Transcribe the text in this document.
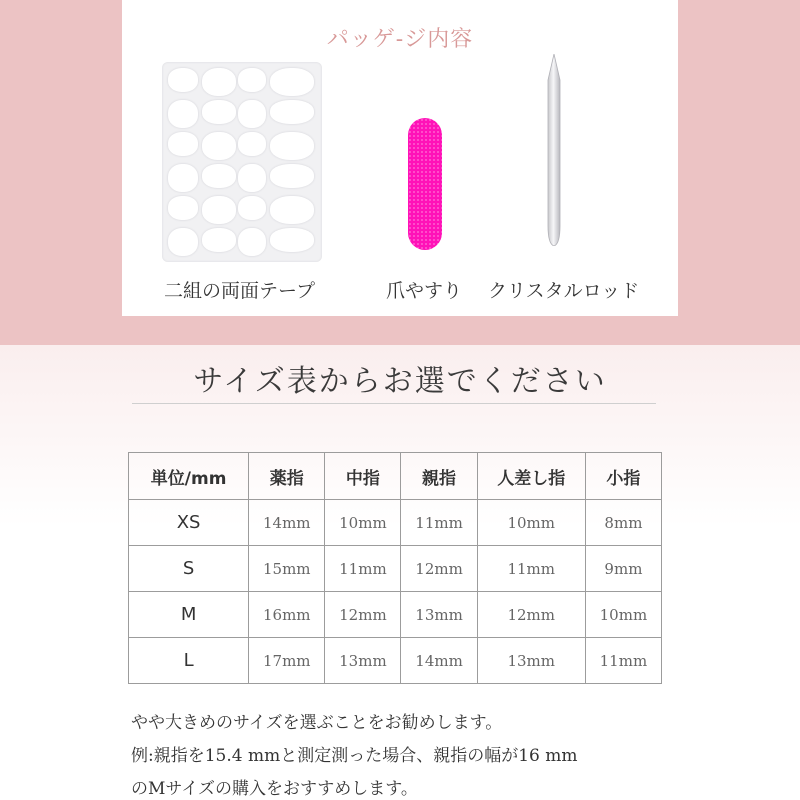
パッゲ-ジ内容
二組の両面テープ	爪やすり クリスタルロッド
サイズ表からお選でください
単位/mm	薬指	中指	親指	人差し指	小指
XS	14mm	10mm	11mm	10mm	8mm
S	15mm	11mm	12mm	11mm	9mm
M	16mm	12mm	13mm	12mm	10mm
L	17mm	13mm	14mm	13mm	11mm
やや大きめのサイズを選ぶことをお勧めします。
例:親指を15.4 mmと測定測った場合、親指の幅が16 mm
のMサイズの購入をおすすめします。
